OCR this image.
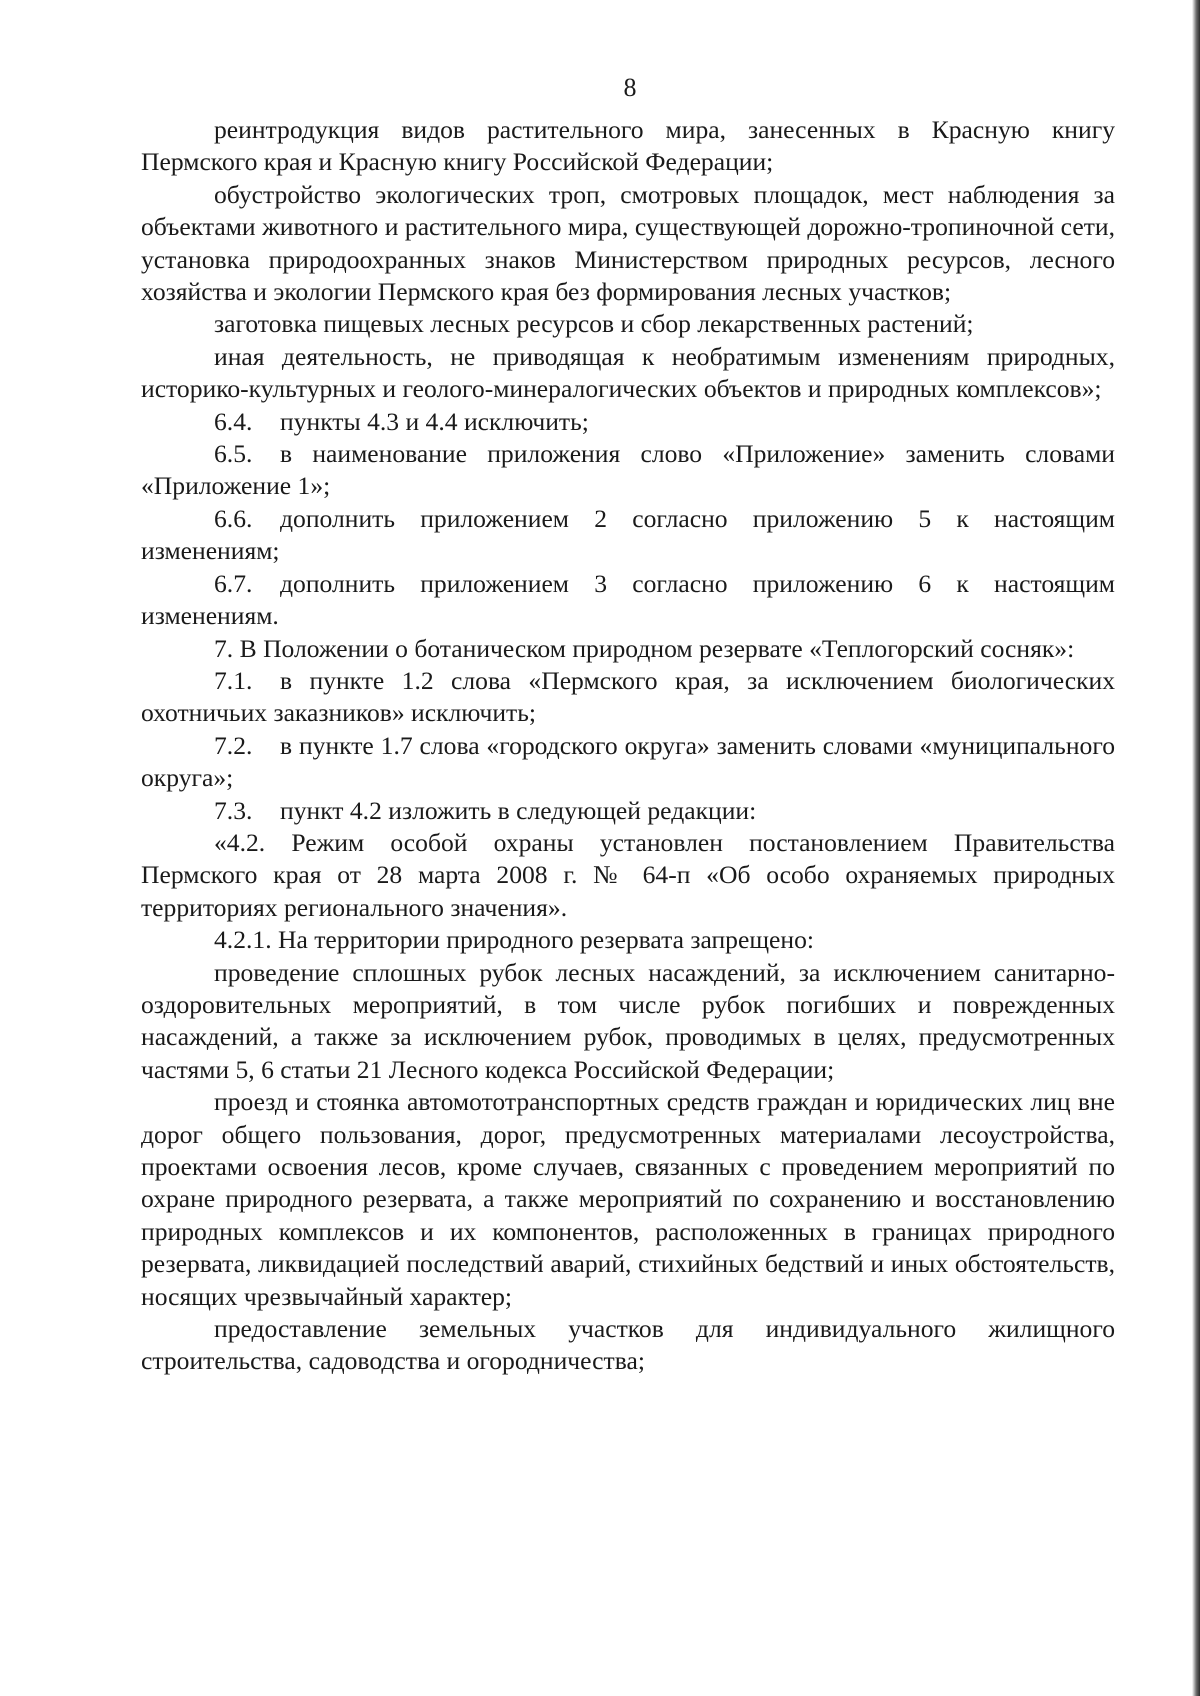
8

реинтродукция видов растительного мира, занесенных в Красную книгу Пермского края и Красную книгу Российской Федерации;

обустройство экологических троп, смотровых площадок, мест наблюдения за объектами животного и растительного мира, существующей дорожно-тропиночной сети, установка природоохранных знаков Министерством природных ресурсов, лесного хозяйства и экологии Пермского края без формирования лесных участков;

заготовка пищевых лесных ресурсов и сбор лекарственных растений;

иная деятельность, не приводящая к необратимым изменениям природных, историко-культурных и геолого-минералогических объектов и природных комплексов»;

6.4. пункты 4.3 и 4.4 исключить;

6.5. в наименование приложения слово «Приложение» заменить словами «Приложение 1»;

6.6. дополнить приложением 2 согласно приложению 5 к настоящим изменениям;

6.7. дополнить приложением 3 согласно приложению 6 к настоящим изменениям.

7. В Положении о ботаническом природном резервате «Теплогорский сосняк»:

7.1. в пункте 1.2 слова «Пермского края, за исключением биологических охотничьих заказников» исключить;

7.2. в пункте 1.7 слова «городского округа» заменить словами «муниципального округа»;

7.3. пункт 4.2 изложить в следующей редакции:

«4.2. Режим особой охраны установлен постановлением Правительства Пермского края от 28 марта 2008 г. № 64-п «Об особо охраняемых природных территориях регионального значения».

4.2.1. На территории природного резервата запрещено:

проведение сплошных рубок лесных насаждений, за исключением санитарно-оздоровительных мероприятий, в том числе рубок погибших и поврежденных насаждений, а также за исключением рубок, проводимых в целях, предусмотренных частями 5, 6 статьи 21 Лесного кодекса Российской Федерации;

проезд и стоянка автомототранспортных средств граждан и юридических лиц вне дорог общего пользования, дорог, предусмотренных материалами лесоустройства, проектами освоения лесов, кроме случаев, связанных с проведением мероприятий по охране природного резервата, а также мероприятий по сохранению и восстановлению природных комплексов и их компонентов, расположенных в границах природного резервата, ликвидацией последствий аварий, стихийных бедствий и иных обстоятельств, носящих чрезвычайный характер;

предоставление земельных участков для индивидуального жилищного строительства, садоводства и огородничества;
